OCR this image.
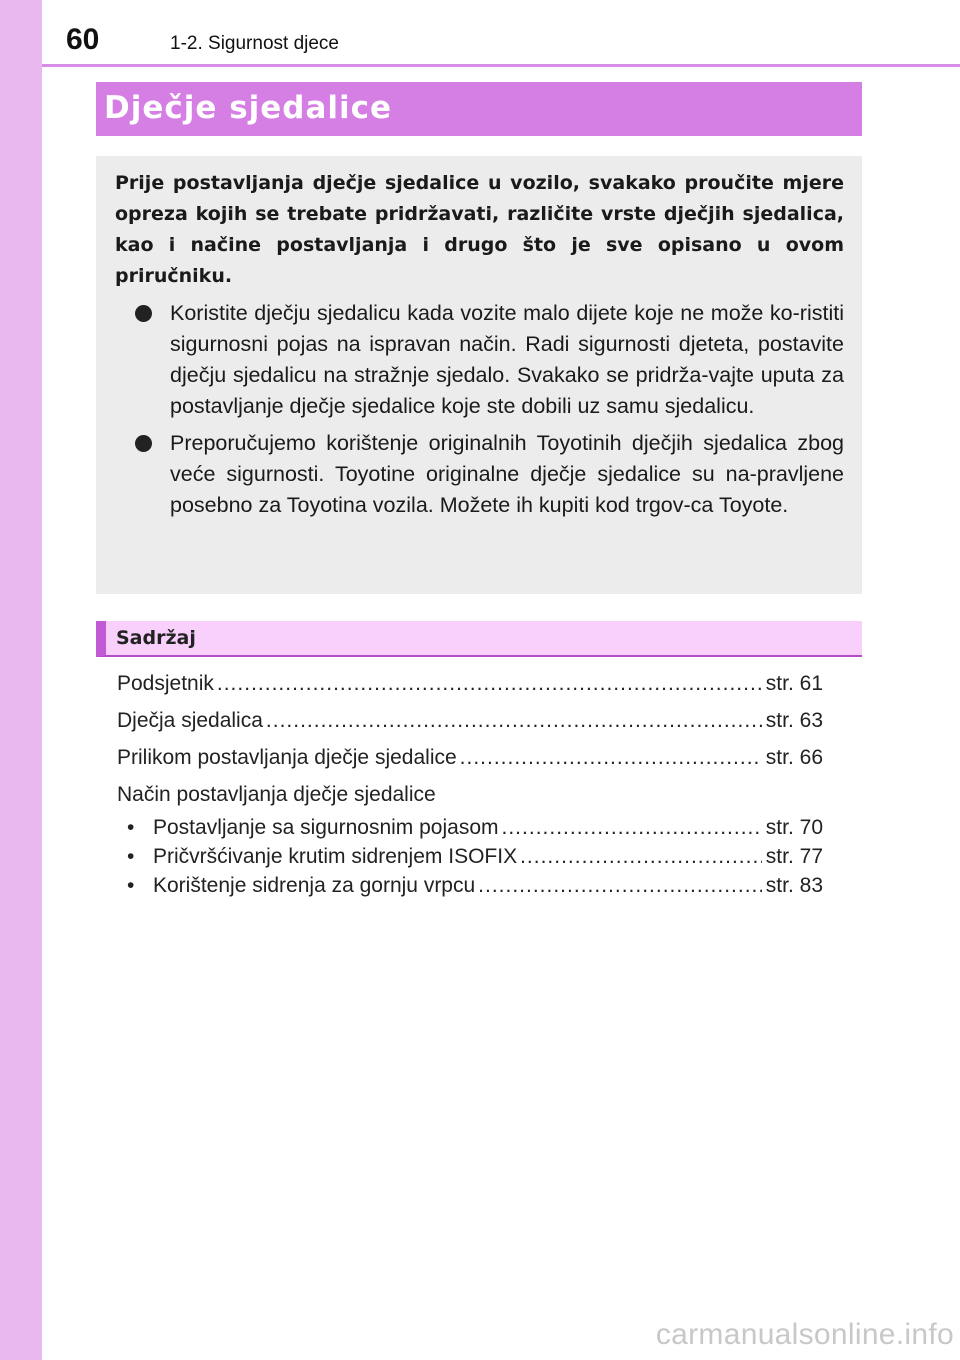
60	1-2. Sigurnost djece
Dječje sjedalice

Prije postavljanja dječje sjedalice u vozilo, svakako proučite mjere opreza kojih se trebate pridržavati, različite vrste dječjih sjedalica, kao i načine postavljanja i drugo što je sve opisano u ovom priručniku.

Koristite dječju sjedalicu kada vozite malo dijete koje ne može ko-ristiti sigurnosni pojas na ispravan način. Radi sigurnosti djeteta, postavite dječju sjedalicu na stražnje sjedalo. Svakako se pridrža-vajte uputa za postavljanje dječje sjedalice koje ste dobili uz samu sjedalicu.
Preporučujemo korištenje originalnih Toyotinih dječjih sjedalica zbog veće sigurnosti. Toyotine originalne dječje sjedalice su na-pravljene posebno za Toyotina vozila. Možete ih kupiti kod trgov-ca Toyote.
Sadržaj
Podsjetnik .....	str. 61
Dječja sjedalica .....	str. 63
Prilikom postavljanja dječje sjedalice .....	str. 66
Način postavljanja dječje sjedalice
• Postavljanje sa sigurnosnim pojasom .....	str. 70
• Pričvršćivanje krutim sidrenjem ISOFIX .....	str. 77
• Korištenje sidrenja za gornju vrpcu .....	str. 83
carmanualsonline.info
